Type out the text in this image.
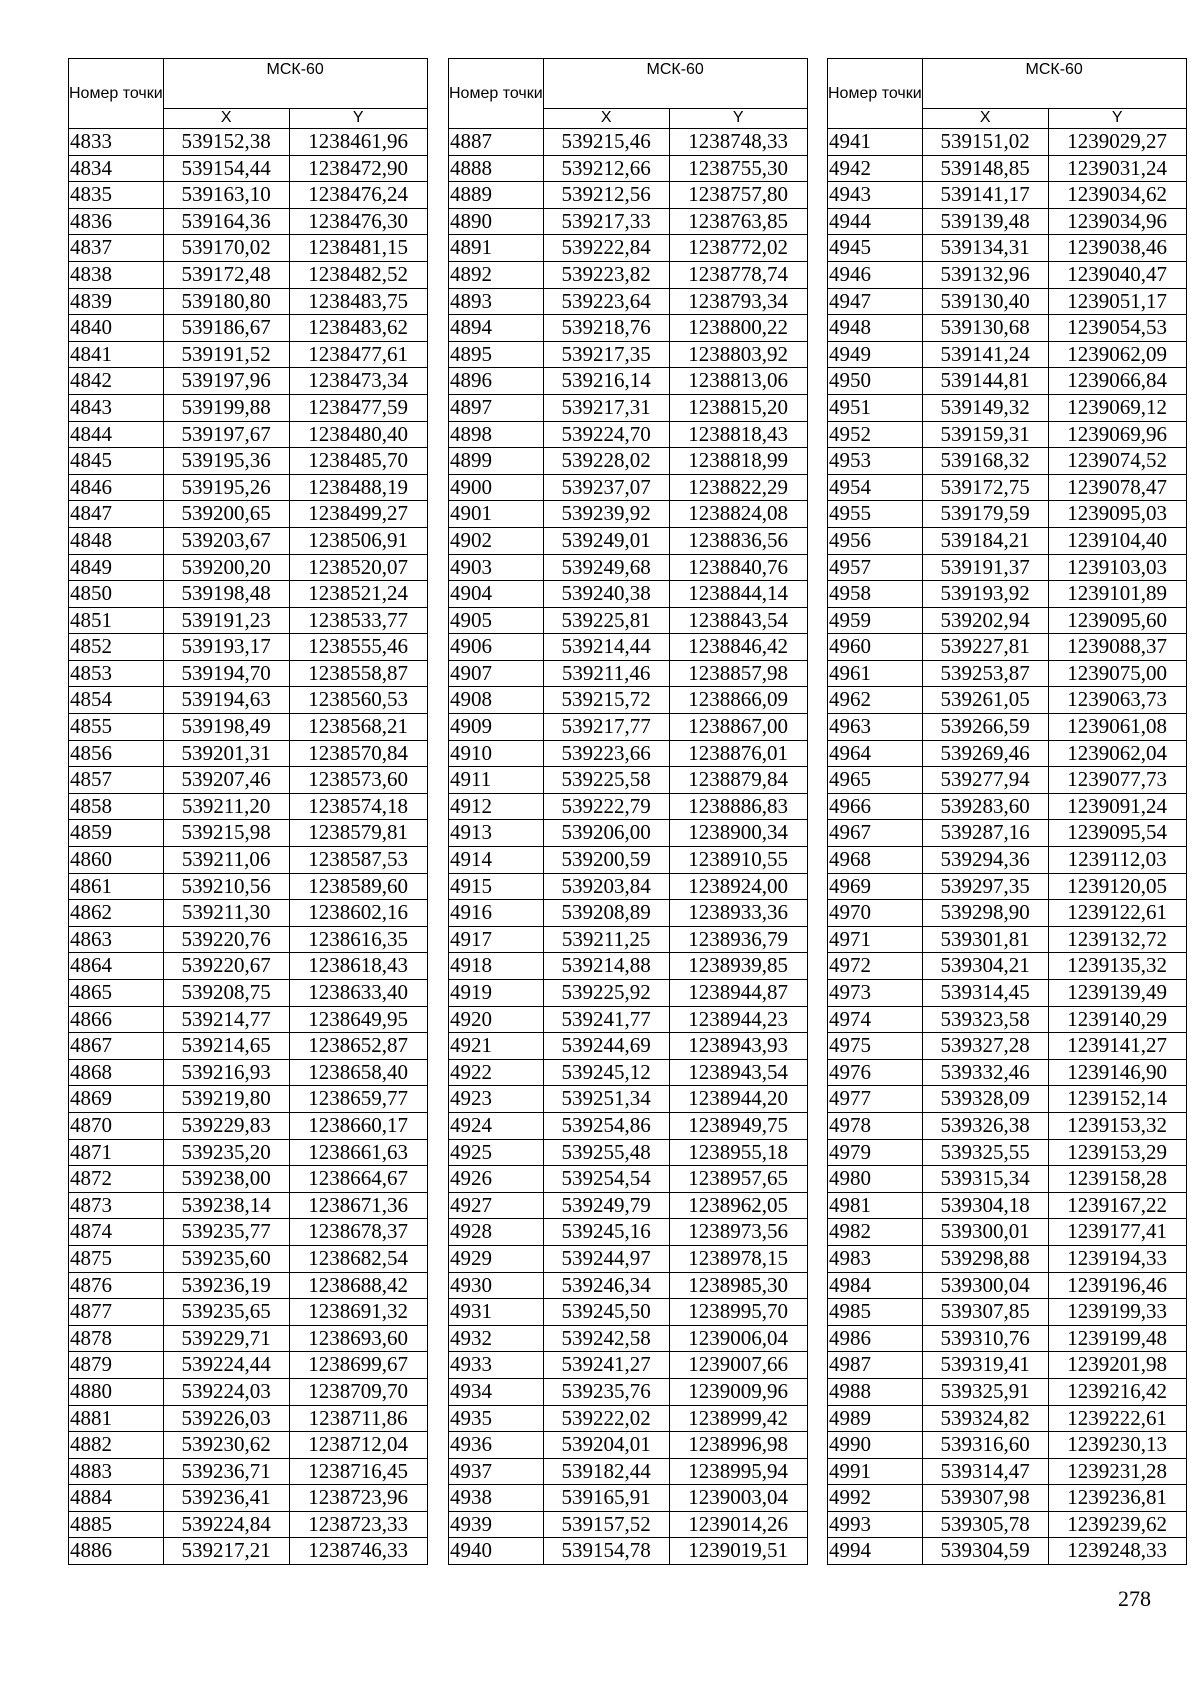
Номер точки	МСК-60	
	X	Y
4833	539152,38	1238461,96
4834	539154,44	1238472,90
4835	539163,10	1238476,24
4836	539164,36	1238476,30
4837	539170,02	1238481,15
4838	539172,48	1238482,52
4839	539180,80	1238483,75
4840	539186,67	1238483,62
4841	539191,52	1238477,61
4842	539197,96	1238473,34
4843	539199,88	1238477,59
4844	539197,67	1238480,40
4845	539195,36	1238485,70
4846	539195,26	1238488,19
4847	539200,65	1238499,27
4848	539203,67	1238506,91
4849	539200,20	1238520,07
4850	539198,48	1238521,24
4851	539191,23	1238533,77
4852	539193,17	1238555,46
4853	539194,70	1238558,87
4854	539194,63	1238560,53
4855	539198,49	1238568,21
4856	539201,31	1238570,84
4857	539207,46	1238573,60
4858	539211,20	1238574,18
4859	539215,98	1238579,81
4860	539211,06	1238587,53
4861	539210,56	1238589,60
4862	539211,30	1238602,16
4863	539220,76	1238616,35
4864	539220,67	1238618,43
4865	539208,75	1238633,40
4866	539214,77	1238649,95
4867	539214,65	1238652,87
4868	539216,93	1238658,40
4869	539219,80	1238659,77
4870	539229,83	1238660,17
4871	539235,20	1238661,63
4872	539238,00	1238664,67
4873	539238,14	1238671,36
4874	539235,77	1238678,37
4875	539235,60	1238682,54
4876	539236,19	1238688,42
4877	539235,65	1238691,32
4878	539229,71	1238693,60
4879	539224,44	1238699,67
4880	539224,03	1238709,70
4881	539226,03	1238711,86
4882	539230,62	1238712,04
4883	539236,71	1238716,45
4884	539236,41	1238723,96
4885	539224,84	1238723,33
4886	539217,21	1238746,33
Номер точки	МСК-60	
	X	Y
4887	539215,46	1238748,33
4888	539212,66	1238755,30
4889	539212,56	1238757,80
4890	539217,33	1238763,85
4891	539222,84	1238772,02
4892	539223,82	1238778,74
4893	539223,64	1238793,34
4894	539218,76	1238800,22
4895	539217,35	1238803,92
4896	539216,14	1238813,06
4897	539217,31	1238815,20
4898	539224,70	1238818,43
4899	539228,02	1238818,99
4900	539237,07	1238822,29
4901	539239,92	1238824,08
4902	539249,01	1238836,56
4903	539249,68	1238840,76
4904	539240,38	1238844,14
4905	539225,81	1238843,54
4906	539214,44	1238846,42
4907	539211,46	1238857,98
4908	539215,72	1238866,09
4909	539217,77	1238867,00
4910	539223,66	1238876,01
4911	539225,58	1238879,84
4912	539222,79	1238886,83
4913	539206,00	1238900,34
4914	539200,59	1238910,55
4915	539203,84	1238924,00
4916	539208,89	1238933,36
4917	539211,25	1238936,79
4918	539214,88	1238939,85
4919	539225,92	1238944,87
4920	539241,77	1238944,23
4921	539244,69	1238943,93
4922	539245,12	1238943,54
4923	539251,34	1238944,20
4924	539254,86	1238949,75
4925	539255,48	1238955,18
4926	539254,54	1238957,65
4927	539249,79	1238962,05
4928	539245,16	1238973,56
4929	539244,97	1238978,15
4930	539246,34	1238985,30
4931	539245,50	1238995,70
4932	539242,58	1239006,04
4933	539241,27	1239007,66
4934	539235,76	1239009,96
4935	539222,02	1238999,42
4936	539204,01	1238996,98
4937	539182,44	1238995,94
4938	539165,91	1239003,04
4939	539157,52	1239014,26
4940	539154,78	1239019,51
Номер точки	МСК-60	
	X	Y
4941	539151,02	1239029,27
4942	539148,85	1239031,24
4943	539141,17	1239034,62
4944	539139,48	1239034,96
4945	539134,31	1239038,46
4946	539132,96	1239040,47
4947	539130,40	1239051,17
4948	539130,68	1239054,53
4949	539141,24	1239062,09
4950	539144,81	1239066,84
4951	539149,32	1239069,12
4952	539159,31	1239069,96
4953	539168,32	1239074,52
4954	539172,75	1239078,47
4955	539179,59	1239095,03
4956	539184,21	1239104,40
4957	539191,37	1239103,03
4958	539193,92	1239101,89
4959	539202,94	1239095,60
4960	539227,81	1239088,37
4961	539253,87	1239075,00
4962	539261,05	1239063,73
4963	539266,59	1239061,08
4964	539269,46	1239062,04
4965	539277,94	1239077,73
4966	539283,60	1239091,24
4967	539287,16	1239095,54
4968	539294,36	1239112,03
4969	539297,35	1239120,05
4970	539298,90	1239122,61
4971	539301,81	1239132,72
4972	539304,21	1239135,32
4973	539314,45	1239139,49
4974	539323,58	1239140,29
4975	539327,28	1239141,27
4976	539332,46	1239146,90
4977	539328,09	1239152,14
4978	539326,38	1239153,32
4979	539325,55	1239153,29
4980	539315,34	1239158,28
4981	539304,18	1239167,22
4982	539300,01	1239177,41
4983	539298,88	1239194,33
4984	539300,04	1239196,46
4985	539307,85	1239199,33
4986	539310,76	1239199,48
4987	539319,41	1239201,98
4988	539325,91	1239216,42
4989	539324,82	1239222,61
4990	539316,60	1239230,13
4991	539314,47	1239231,28
4992	539307,98	1239236,81
4993	539305,78	1239239,62
4994	539304,59	1239248,33
278
